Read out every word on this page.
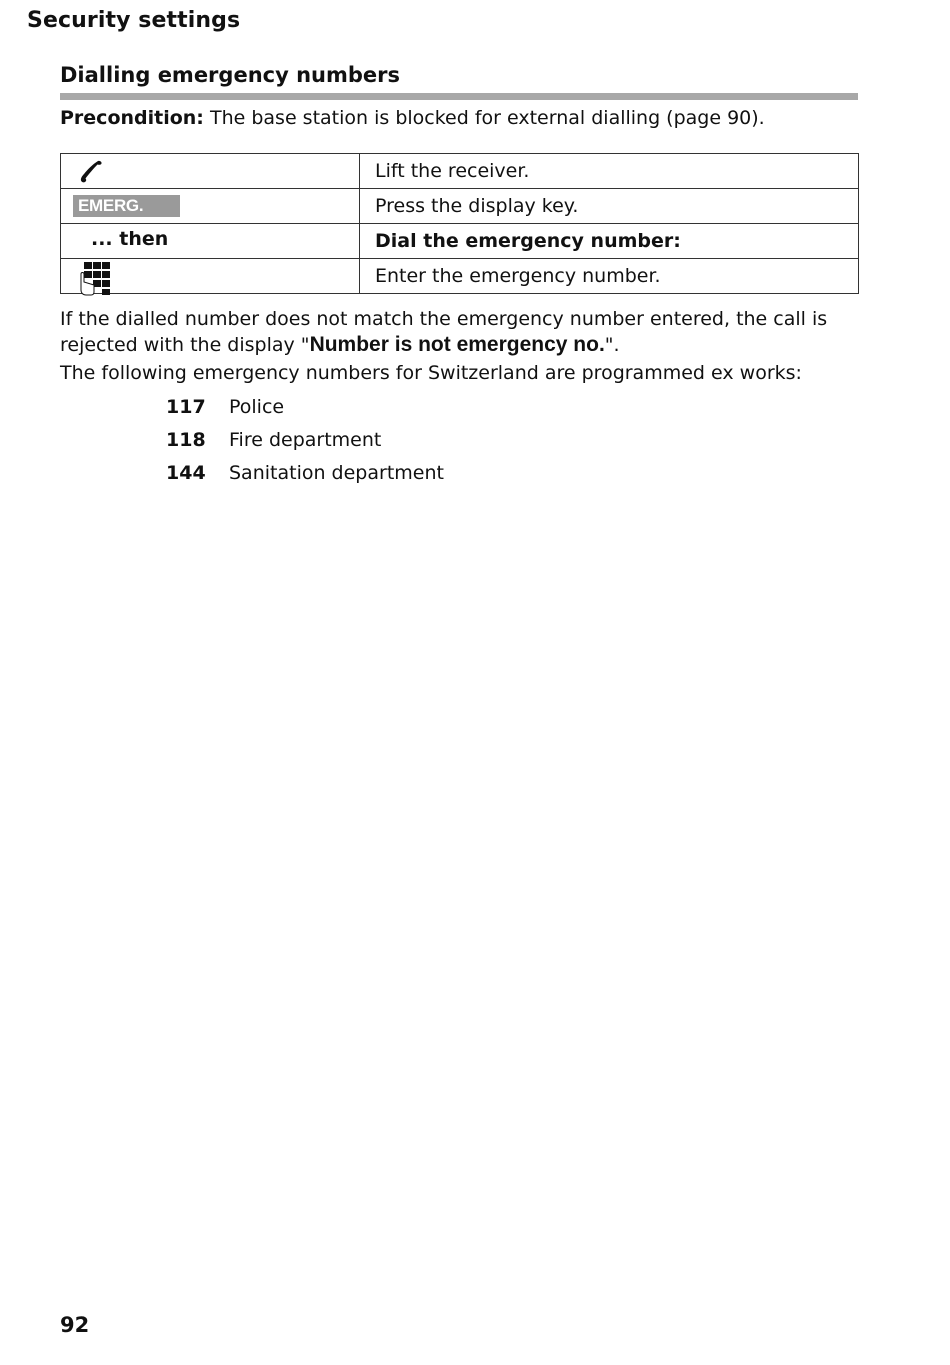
Security settings
Dialling emergency numbers
Precondition: The base station is blocked for external dialling (page 90).
	Lift the receiver.

EMERG.	Press the display key.

... then	Dial the emergency number:

	Enter the emergency number.
If the dialled number does not match the emergency number entered, the call is rejected with the display "Number is not emergency no.".
The following emergency numbers for Switzerland are programmed ex works:
117 Police
118 Fire department
144 Sanitation department
92
